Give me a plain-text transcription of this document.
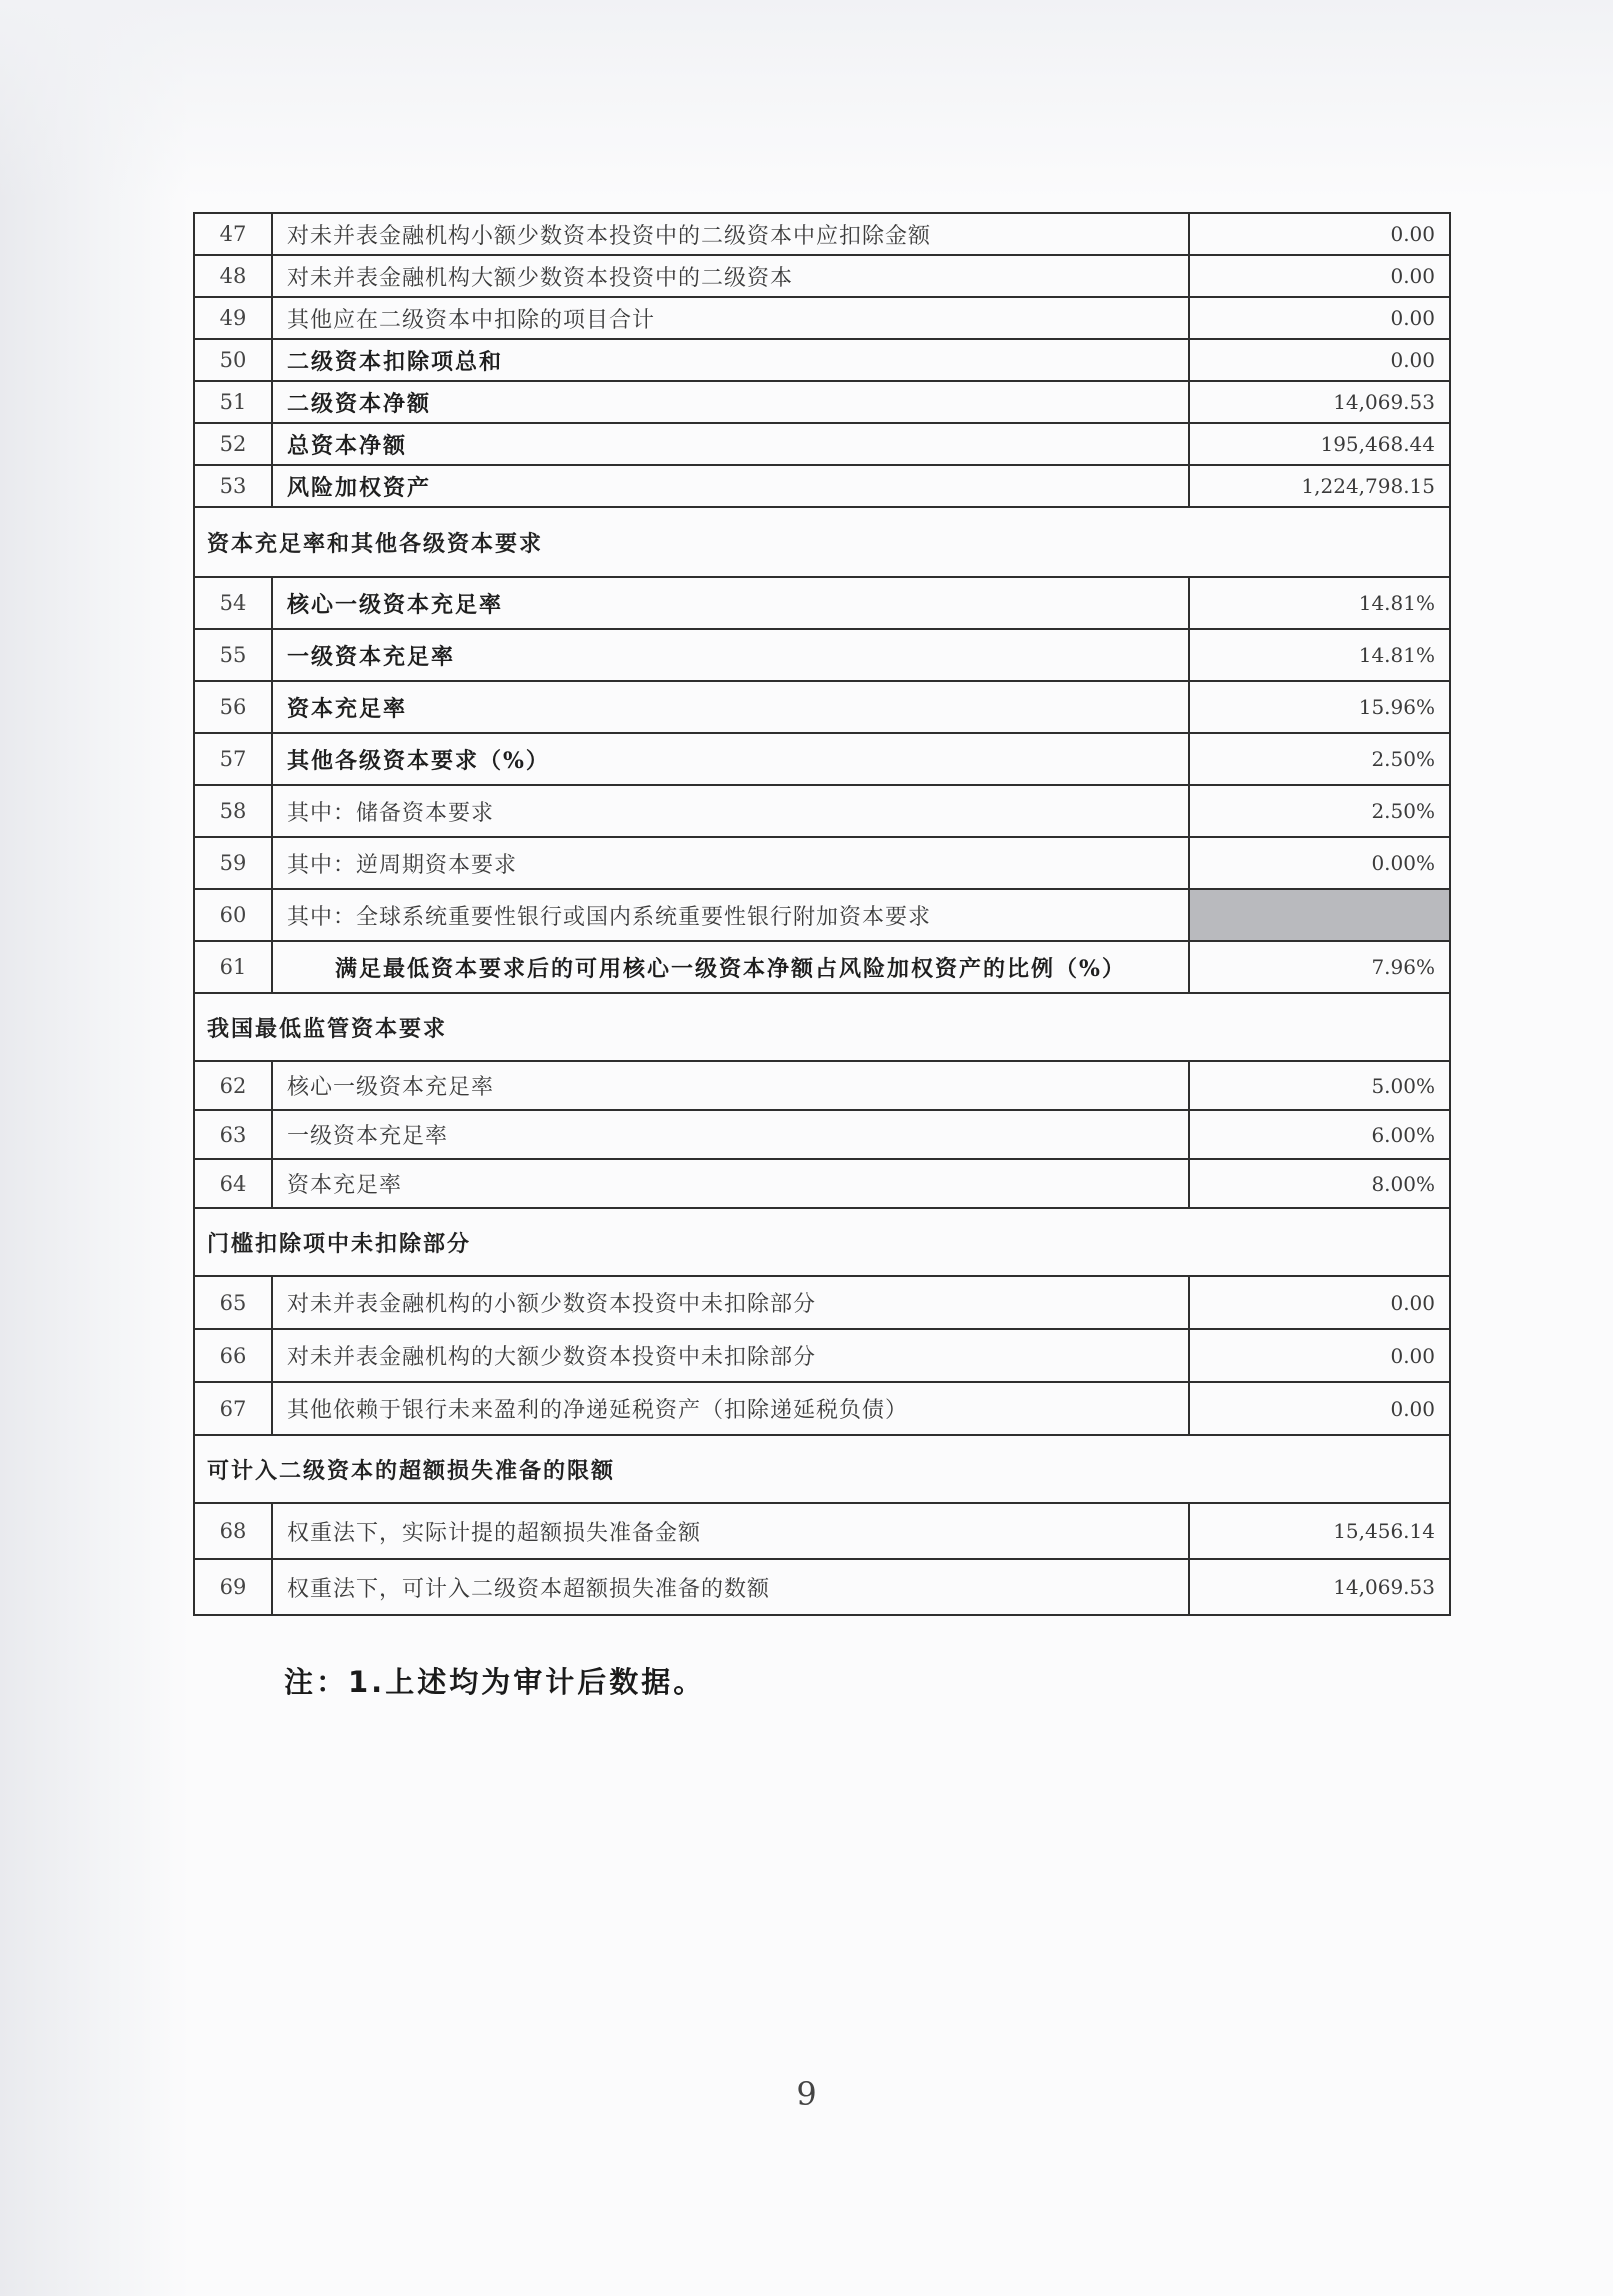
47	对未并表金融机构小额少数资本投资中的二级资本中应扣除金额	0.00
48	对未并表金融机构大额少数资本投资中的二级资本	0.00
49	其他应在二级资本中扣除的项目合计	0.00
50	二级资本扣除项总和	0.00
51	二级资本净额	14,069.53
52	总资本净额	195,468.44
53	风险加权资产	1,224,798.15
资本充足率和其他各级资本要求		
54	核心一级资本充足率	14.81%
55	一级资本充足率	14.81%
56	资本充足率	15.96%
57	其他各级资本要求（%）	2.50%
58	其中：储备资本要求	2.50%
59	其中：逆周期资本要求	0.00%
60	其中：全球系统重要性银行或国内系统重要性银行附加资本要求	
61	满足最低资本要求后的可用核心一级资本净额占风险加权资产的比例（%）	7.96%
我国最低监管资本要求		
62	核心一级资本充足率	5.00%
63	一级资本充足率	6.00%
64	资本充足率	8.00%
门槛扣除项中未扣除部分		
65	对未并表金融机构的小额少数资本投资中未扣除部分	0.00
66	对未并表金融机构的大额少数资本投资中未扣除部分	0.00
67	其他依赖于银行未来盈利的净递延税资产（扣除递延税负债）	0.00
可计入二级资本的超额损失准备的限额		
68	权重法下，实际计提的超额损失准备金额	15,456.14
69	权重法下，可计入二级资本超额损失准备的数额	14,069.53
注：1.上述均为审计后数据。
9
